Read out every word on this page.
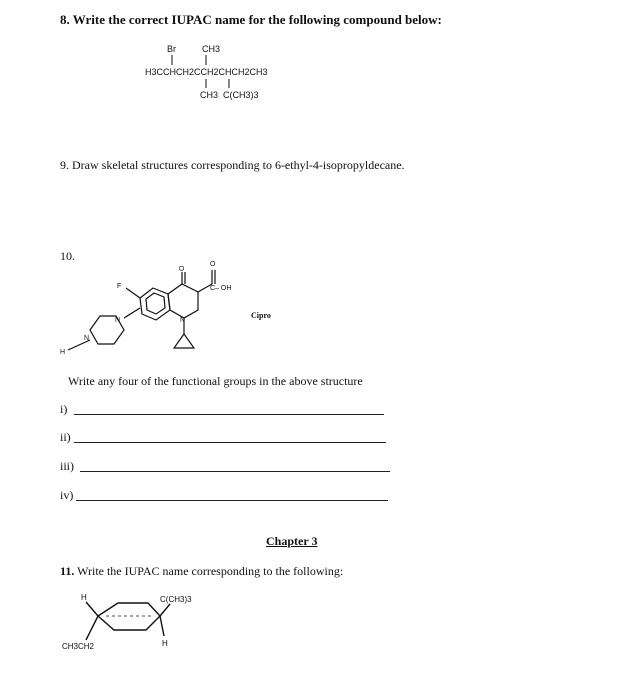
8. Write the correct IUPAC name for the following compound below:
Br	CH3
H3CCHCH2CCH2CHCH2CH3
CH3 C(CH3)3
9. Draw skeletal structures corresponding to 6-ethyl-4-isopropyldecane.
10.
F
O
O
C– OH
N
N
N
H
Cipro
Write any four of the functional groups in the above structure
i)
ii)
iii)
iv)
Chapter 3
11. Write the IUPAC name corresponding to the following:
H	C(CH3)3
H
CH3CH2
